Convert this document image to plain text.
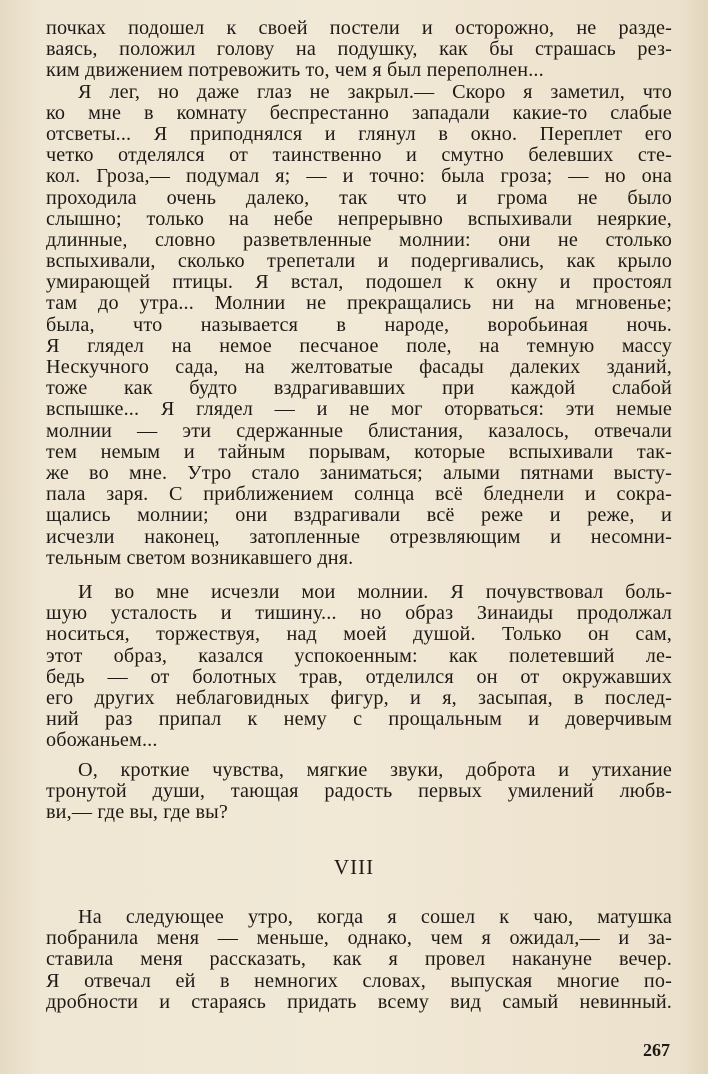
почках подошел к своей постели и осторожно, не разде-
ваясь, положил голову на подушку, как бы страшась рез-
ким движением потревожить то, чем я был переполнен...
Я лег, но даже глаз не закрыл.— Скоро я заметил, что
ко мне в комнату беспрестанно западали какие-то слабые
отсветы... Я приподнялся и глянул в окно. Переплет его
четко отделялся от таинственно и смутно белевших сте-
кол. Гроза,— подумал я; — и точно: была гроза; — но она
проходила очень далеко, так что и грома не было
слышно; только на небе непрерывно вспыхивали неяркие,
длинные, словно разветвленные молнии: они не столько
вспыхивали, сколько трепетали и подергивались, как крыло
умирающей птицы. Я встал, подошел к окну и простоял
там до утра... Молнии не прекращались ни на мгновенье;
была, что называется в народе, воробьиная ночь.
Я глядел на немое песчаное поле, на темную массу
Нескучного сада, на желтоватые фасады далеких зданий,
тоже как будто вздрагивавших при каждой слабой
вспышке... Я глядел — и не мог оторваться: эти немые
молнии — эти сдержанные блистания, казалось, отвечали
тем немым и тайным порывам, которые вспыхивали так-
же во мне. Утро стало заниматься; алыми пятнами высту-
пала заря. С приближением солнца всё бледнели и сокра-
щались молнии; они вздрагивали всё реже и реже, и
исчезли наконец, затопленные отрезвляющим и несомни-
тельным светом возникавшего дня.
И во мне исчезли мои молнии. Я почувствовал боль-
шую усталость и тишину... но образ Зинаиды продолжал
носиться, торжествуя, над моей душой. Только он сам,
этот образ, казался успокоенным: как полетевший ле-
бедь — от болотных трав, отделился он от окружавших
его других неблаговидных фигур, и я, засыпая, в послед-
ний раз припал к нему с прощальным и доверчивым
обожаньем...
О, кроткие чувства, мягкие звуки, доброта и утихание
тронутой души, тающая радость первых умилений любв-
ви,— где вы, где вы?
VIII
На следующее утро, когда я сошел к чаю, матушка
побранила меня — меньше, однако, чем я ожидал,— и за-
ставила меня рассказать, как я провел накануне вечер.
Я отвечал ей в немногих словах, выпуская многие по-
дробности и стараясь придать всему вид самый невинный.
267
